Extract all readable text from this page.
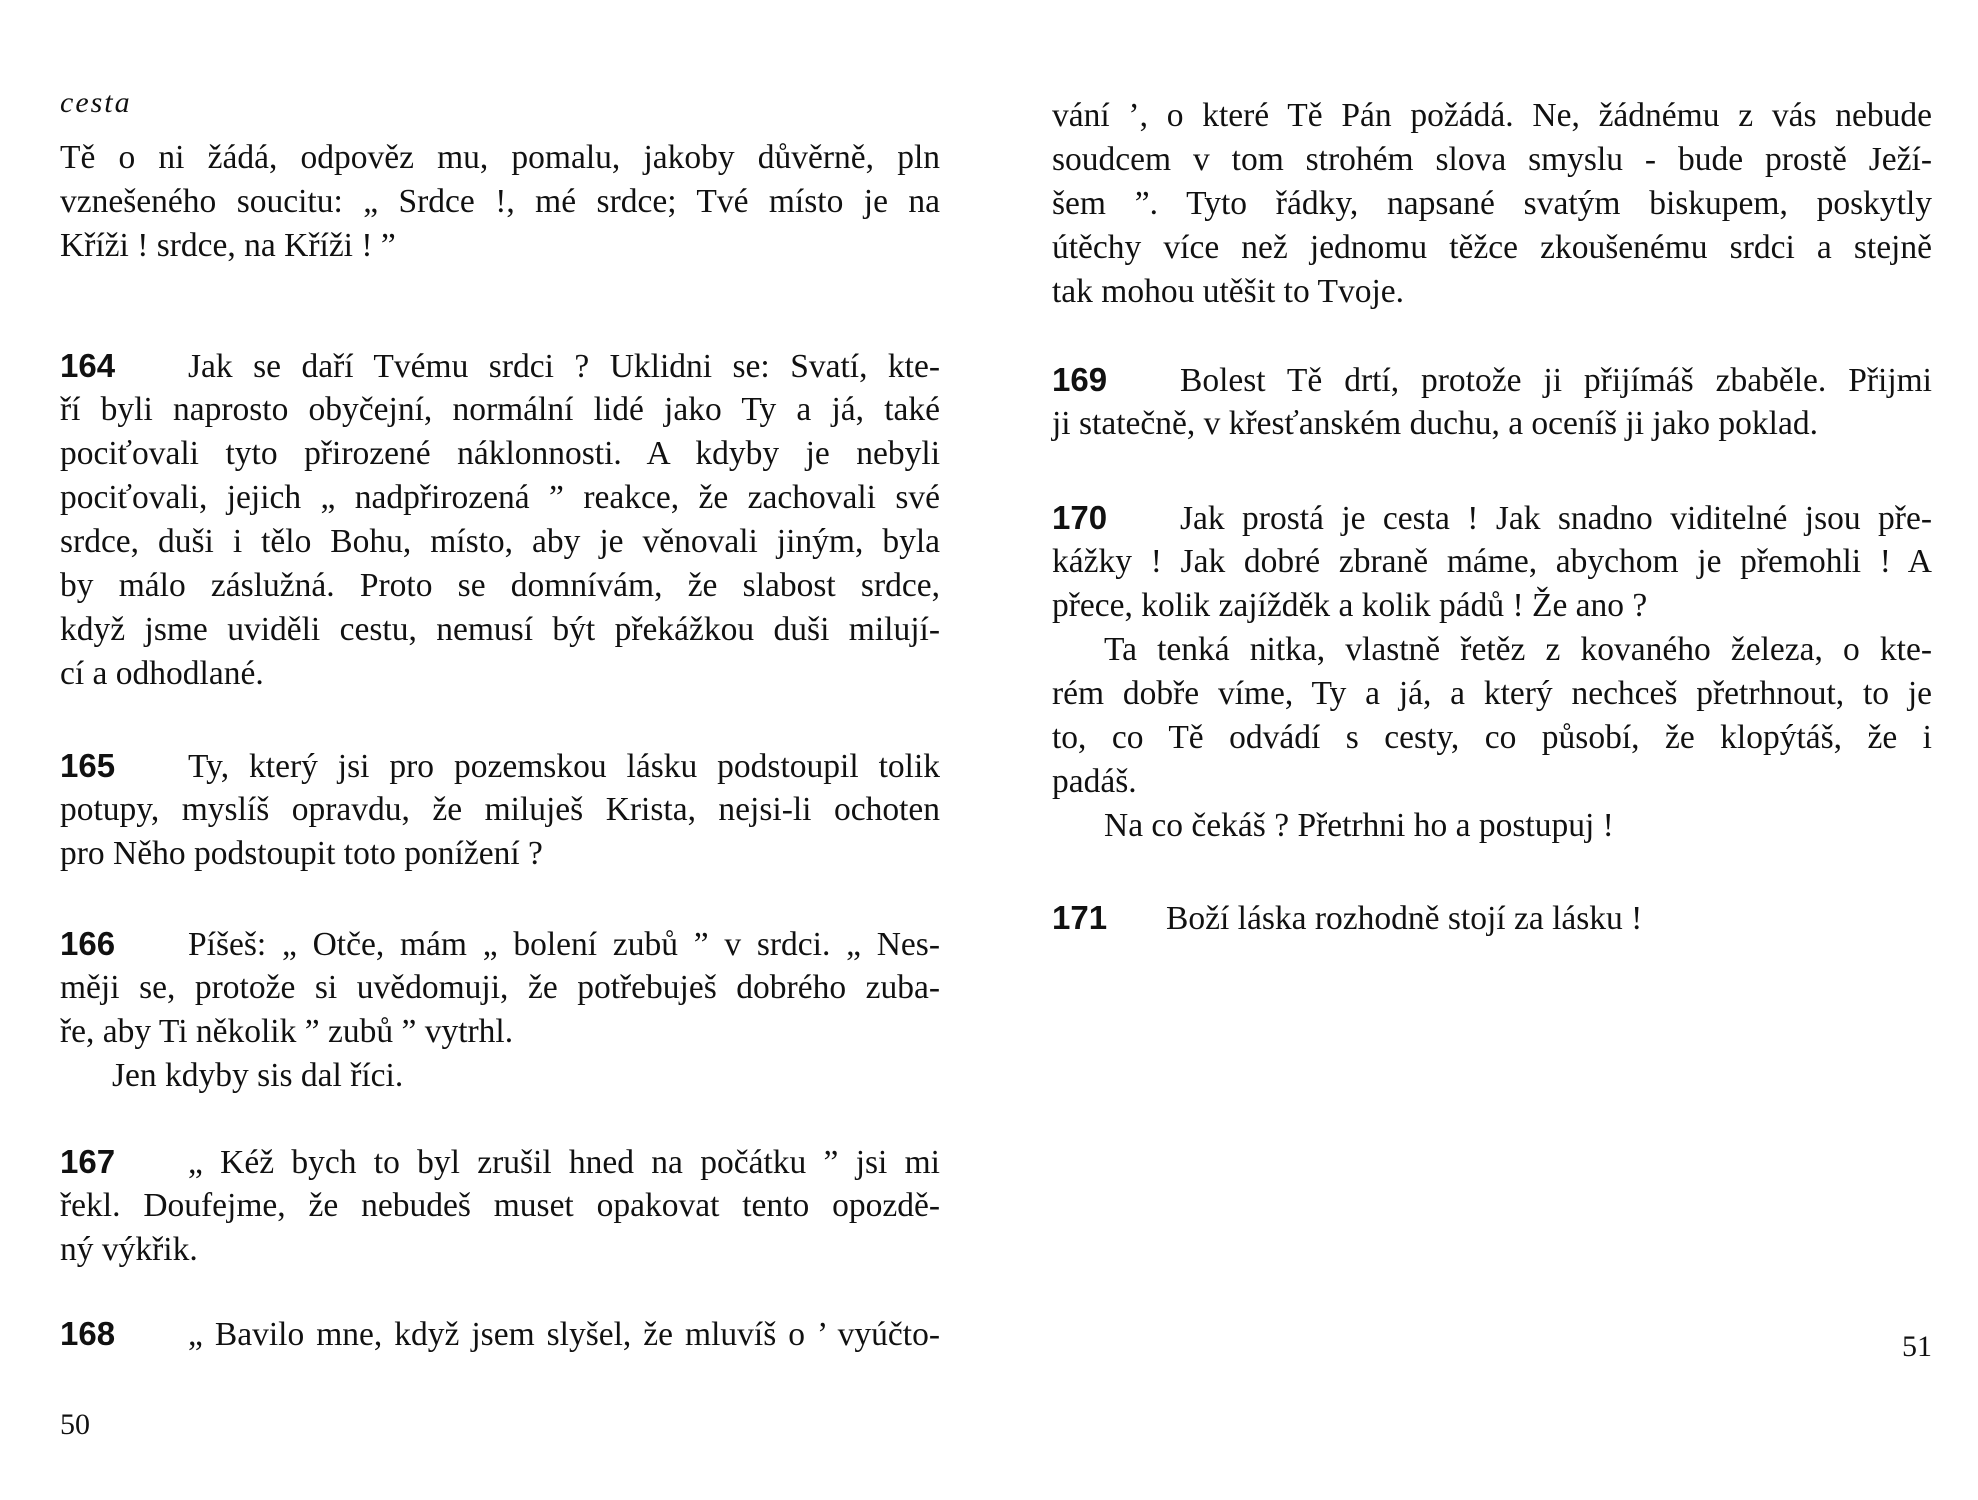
cesta
Tě o ni žádá, odpověz mu, pomalu, jakoby důvěrně, pln
vznešeného soucitu: „ Srdce !, mé srdce; Tvé místo je na
Kříži ! srdce, na Kříži ! ”
164 Jak se daří Tvému srdci ? Uklidni se: Svatí, kte-
ří byli naprosto obyčejní, normální lidé jako Ty a já, také
pociťovali tyto přirozené náklonnosti. A kdyby je nebyli
pociťovali, jejich „ nadpřirozená ” reakce, že zachovali své
srdce, duši i tělo Bohu, místo, aby je věnovali jiným, byla
by málo záslužná. Proto se domnívám, že slabost srdce,
když jsme uviděli cestu, nemusí být překážkou duši milují-
cí a odhodlané.
165 Ty, který jsi pro pozemskou lásku podstoupil tolik
potupy, myslíš opravdu, že miluješ Krista, nejsi-li ochoten
pro Něho podstoupit toto ponížení ?
166 Píšeš: „ Otče, mám „ bolení zubů ” v srdci. „ Nes-
měji se, protože si uvědomuji, že potřebuješ dobrého zuba-
ře, aby Ti několik ” zubů ” vytrhl.
Jen kdyby sis dal říci.
167 „ Kéž bych to byl zrušil hned na počátku ” jsi mi
řekl. Doufejme, že nebudeš muset opakovat tento opozdě-
ný výkřik.
168 „ Bavilo mne, když jsem slyšel, že mluvíš o ’ vyúčto-
50
vání ’, o které Tě Pán požádá. Ne, žádnému z vás nebude
soudcem v tom strohém slova smyslu - bude prostě Ježí-
šem ”. Tyto řádky, napsané svatým biskupem, poskytly
útěchy více než jednomu těžce zkoušenému srdci a stejně
tak mohou utěšit to Tvoje.
169 Bolest Tě drtí, protože ji přijímáš zbaběle. Přijmi
ji statečně, v křesťanském duchu, a oceníš ji jako poklad.
170 Jak prostá je cesta ! Jak snadno viditelné jsou pře-
kážky ! Jak dobré zbraně máme, abychom je přemohli ! A
přece, kolik zajížděk a kolik pádů ! Že ano ?
Ta tenká nitka, vlastně řetěz z kovaného železa, o kte-
rém dobře víme, Ty a já, a který nechceš přetrhnout, to je
to, co Tě odvádí s cesty, co působí, že klopýtáš, že i
padáš.
Na co čekáš ? Přetrhni ho a postupuj !
171 Boží láska rozhodně stojí za lásku !
51
